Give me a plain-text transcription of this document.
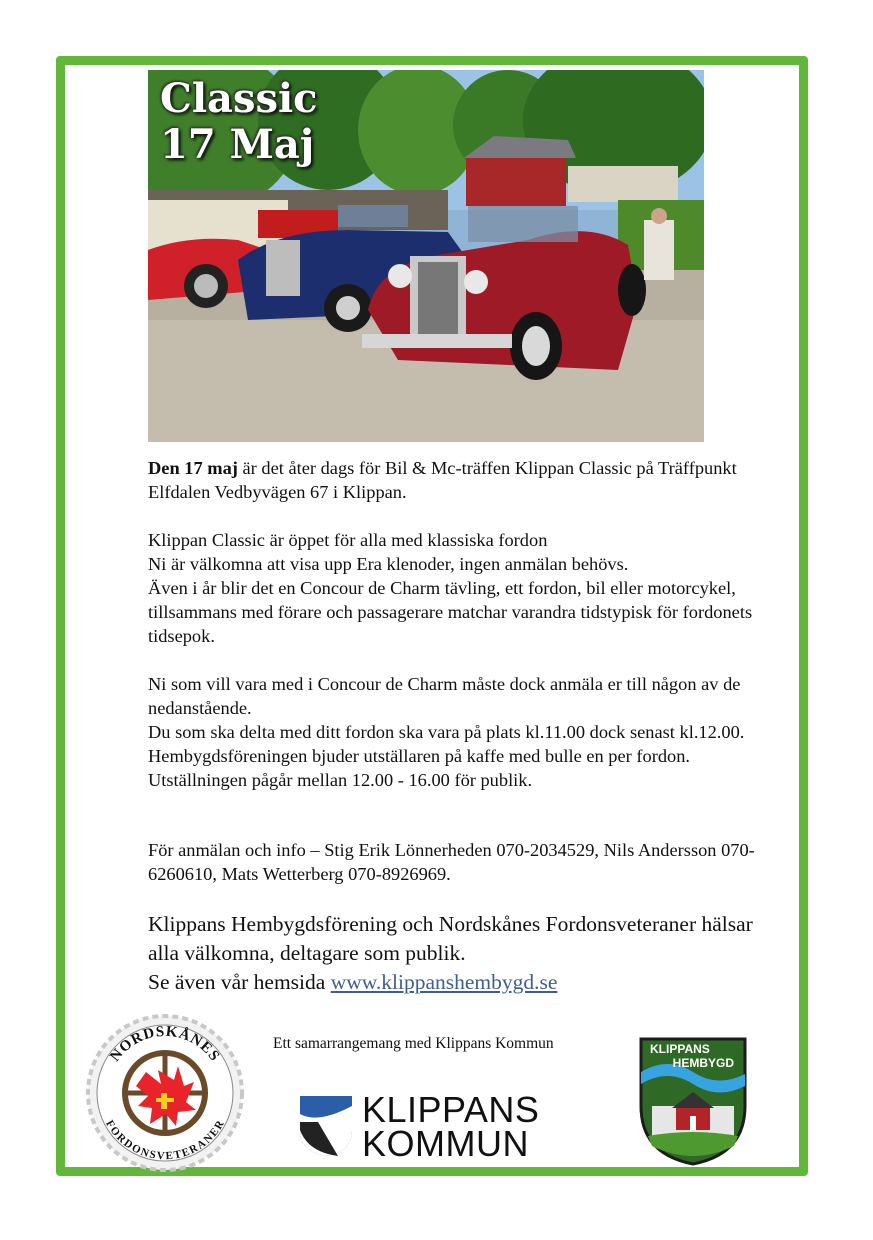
Classic
17 Maj

Den 17 maj är det åter dags för Bil & Mc-träffen Klippan Classic på Träffpunkt Elfdalen Vedbyvägen 67 i Klippan.

Klippan Classic är öppet för alla med klassiska fordon

Ni är välkomna att visa upp Era klenoder, ingen anmälan behövs.

Även i år blir det en Concour de Charm tävling, ett fordon, bil eller motorcykel, tillsammans med förare och passagerare matchar varandra tidstypisk för fordonets tidsepok.

Ni som vill vara med i Concour de Charm måste dock anmäla er till någon av de nedanstående.

Du som ska delta med ditt fordon ska vara på plats kl.11.00 dock senast kl.12.00.

Hembygdsföreningen bjuder utställaren på kaffe med bulle en per fordon. Utställningen pågår mellan 12.00 - 16.00 för publik.

För anmälan och info – Stig Erik Lönnerheden 070-2034529, Nils Andersson 070-6260610, Mats Wetterberg 070-8926969.

Klippans Hembygdsförening och Nordskånes Fordonsveteraner hälsar alla välkomna, deltagare som publik.

Se även vår hemsida www.klippanshembygd.se

Ett samarrangemang med Klippans Kommun
NORDSKÅNES
FORDONSVETERANER	KLIPPANS
KOMMUN
KLIPPANS
HEMBYGD
